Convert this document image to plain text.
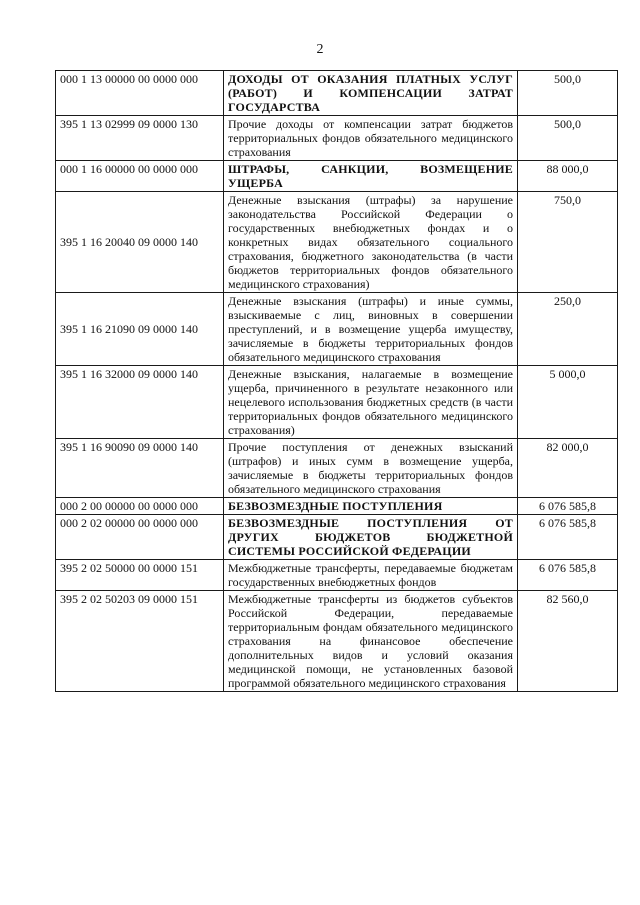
2
000 1 13 00000 00 0000 000	ДОХОДЫ ОТ ОКАЗАНИЯ ПЛАТНЫХ УСЛУГ (РАБОТ) И КОМПЕНСАЦИИ ЗАТРАТ ГОСУДАРСТВА	500,0
395 1 13 02999 09 0000 130	Прочие доходы от компенсации затрат бюджетов территориальных фондов обязательного медицинского страхования	500,0
000 1 16 00000 00 0000 000	ШТРАФЫ, САНКЦИИ, ВОЗМЕЩЕНИЕ УЩЕРБА	88 000,0
395 1 16 20040 09 0000 140	Денежные взыскания (штрафы) за нарушение законодательства Российской Федерации о государственных внебюджетных фондах и о конкретных видах обязательного социального страхования, бюджетного законодательства (в части бюджетов территориальных фондов обязательного медицинского страхования)	750,0
395 1 16 21090 09 0000 140	Денежные взыскания (штрафы) и иные суммы, взыскиваемые с лиц, виновных в совершении преступлений, и в возмещение ущерба имуществу, зачисляемые в бюджеты территориальных фондов обязательного медицинского страхования	250,0
395 1 16 32000 09 0000 140	Денежные взыскания, налагаемые в возмещение ущерба, причиненного в результате незаконного или нецелевого использования бюджетных средств (в части территориальных фондов обязательного медицинского страхования)	5 000,0
395 1 16 90090 09 0000 140	Прочие поступления от денежных взысканий (штрафов) и иных сумм в возмещение ущерба, зачисляемые в бюджеты территориальных фондов обязательного медицинского страхования	82 000,0
000 2 00 00000 00 0000 000	БЕЗВОЗМЕЗДНЫЕ ПОСТУПЛЕНИЯ	6 076 585,8
000 2 02 00000 00 0000 000	БЕЗВОЗМЕЗДНЫЕ ПОСТУПЛЕНИЯ ОТ ДРУГИХ БЮДЖЕТОВ БЮДЖЕТНОЙ СИСТЕМЫ РОССИЙСКОЙ ФЕДЕРАЦИИ	6 076 585,8
395 2 02 50000 00 0000 151	Межбюджетные трансферты, передаваемые бюджетам государственных внебюджетных фондов	6 076 585,8
395 2 02 50203 09 0000 151	Межбюджетные трансферты из бюджетов субъектов Российской Федерации, передаваемые территориальным фондам обязательного медицинского страхования на финансовое обеспечение дополнительных видов и условий оказания медицинской помощи, не установленных базовой программой обязательного медицинского страхования	82 560,0
